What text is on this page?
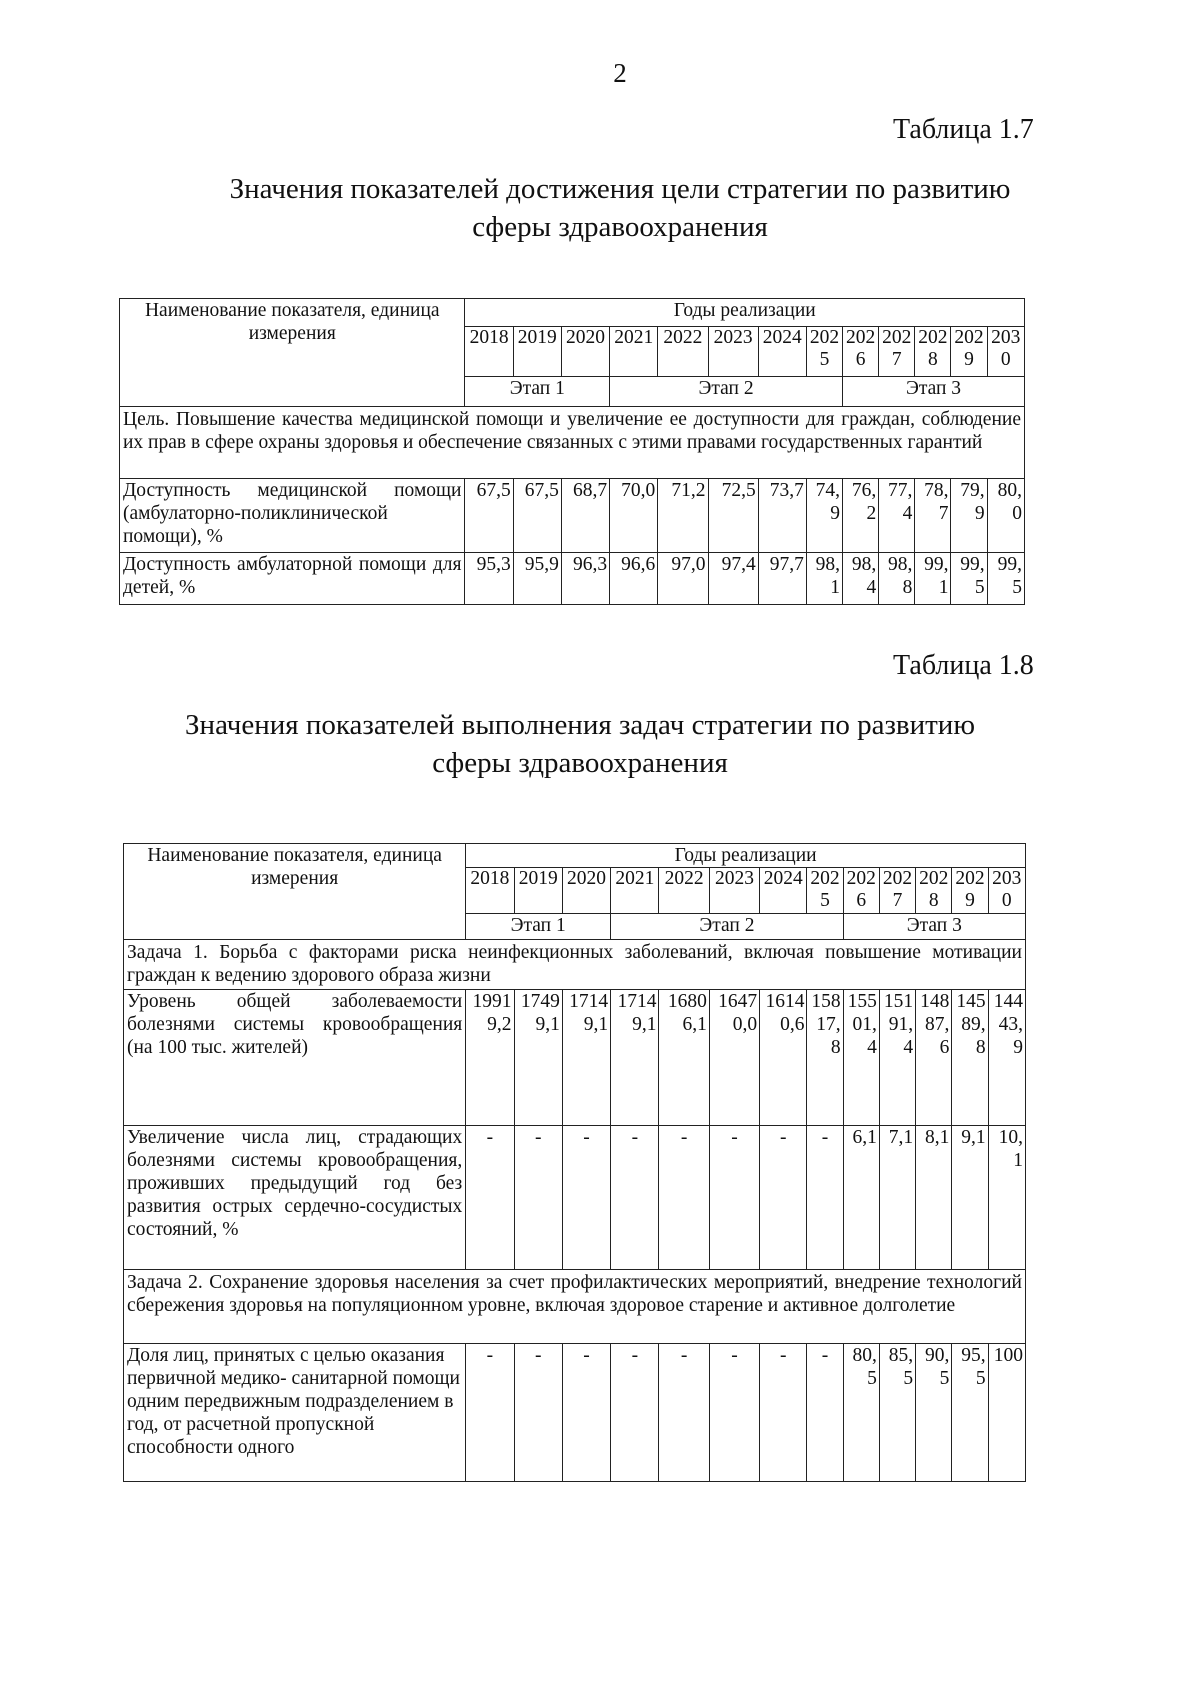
2
Таблица 1.7
Значения показателей достижения цели стратегии по развитию
сферы здравоохранения
Наименование показателя, единица измерения	Годы реализации												
	2018	2019	2020	2021	2022	2023	2024	2025	2026	2027	2028	2029	2030
	Этап 1			Этап 2					Этап 3				
Цель. Повышение качества медицинской помощи и увеличение ее доступности для граждан, соблюдение их прав в сфере охраны здоровья и обеспечение связанных с этими правами государственных гарантий													
Доступность медицинской помощи (амбулаторно-поликлинической помощи), %	67,5	67,5	68,7	70,0	71,2	72,5	73,7	74,9	76,2	77,4	78,7	79,9	80,0
Доступность амбулаторной помощи для детей, %	95,3	95,9	96,3	96,6	97,0	97,4	97,7	98,1	98,4	98,8	99,1	99,5	99,5
Таблица 1.8
Значения показателей выполнения задач стратегии по развитию
сферы здравоохранения
Наименование показателя, единица измерения	Годы реализации												
	2018	2019	2020	2021	2022	2023	2024	2025	2026	2027	2028	2029	2030
	Этап 1			Этап 2					Этап 3				
Задача 1. Борьба с факторами риска неинфекционных заболеваний, включая повышение мотивации граждан к ведению здорового образа жизни													
Уровень общей заболеваемости болезнями системы кровообращения (на 100 тыс. жителей)	19919,2	17499,1	17149,1	17149,1	16806,1	16470,0	16140,6	15817,8	15501,4	15191,4	14887,6	14589,8	14443,9
Увеличение числа лиц, страдающих болезнями системы кровообращения, проживших предыдущий год без развития острых сердечно-сосудистых состояний, %	-	-	-	-	-	-	-	-	6,1	7,1	8,1	9,1	10,1
Задача 2. Сохранение здоровья населения за счет профилактических мероприятий, внедрение технологий сбережения здоровья на популяционном уровне, включая здоровое старение и активное долголетие													
Доля лиц, принятых с целью оказания первичной медико- санитарной помощи одним передвижным подразделением в год, от расчетной пропускной способности одного	-	-	-	-	-	-	-	-	80,5	85,5	90,5	95,5	100
